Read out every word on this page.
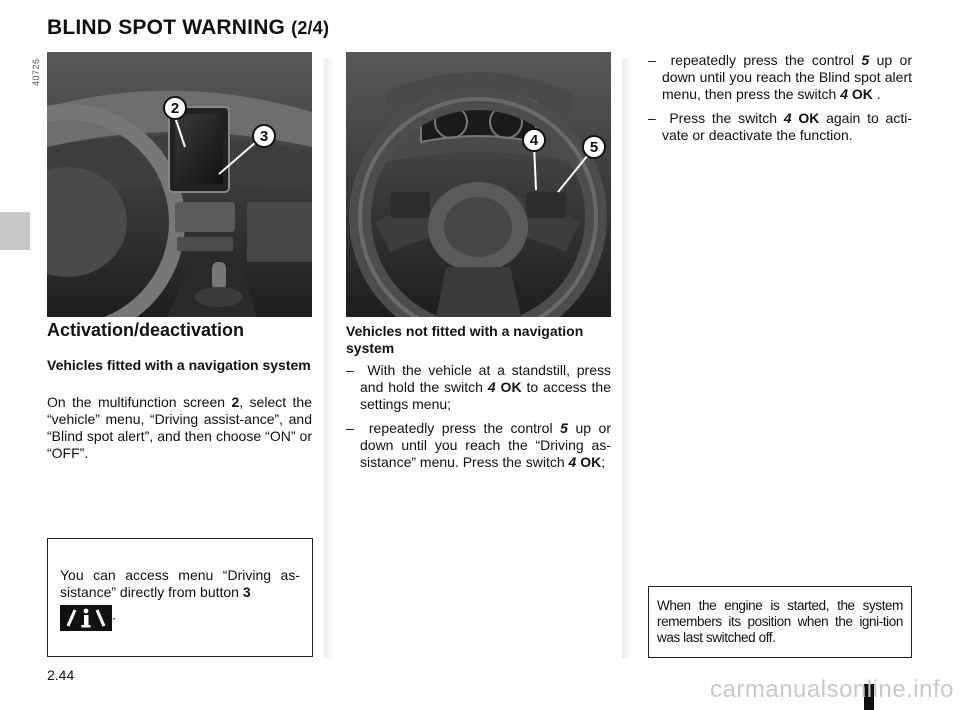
BLIND SPOT WARNING (2/4)
2
3
40726
4	5
40918
Activation/deactivation
Vehicles fitted with a navigation system
On the multifunction screen 2, select the “vehicle” menu, “Driving assist-ance”, and “Blind spot alert”, and then choose “ON” or “OFF”.
You can access menu “Driving as-sistance” directly from button 3
.
Vehicles not fitted with a navigation system
– With the vehicle at a standstill, press and hold the switch 4 OK to access the settings menu;
– repeatedly press the control 5 up or down until you reach the “Driving as-sistance” menu. Press the switch 4 OK;
– repeatedly press the control 5 up or down until you reach the Blind spot alert menu, then press the switch 4 OK .
– Press the switch 4 OK again to acti-vate or deactivate the function.
When the engine is started, the system remembers its position when the igni-tion was last switched off.
2.44
carmanualsonline.info
